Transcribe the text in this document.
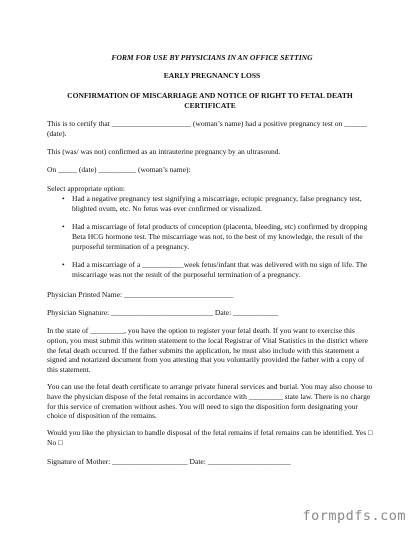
FORM FOR USE BY PHYSICIANS IN AN OFFICE SETTING

EARLY PREGNANCY LOSS

CONFIRMATION OF MISCARRIAGE AND NOTICE OF RIGHT TO FETAL DEATH CERTIFICATE

This is to certify that _____________________ (woman’s name) had a positive pregnancy test on ______ (date).

This (was/ was not) confirmed as an intrauterine pregnancy by an ultrasound.

On _____ (date) __________ (woman’s name):

Select appropriate option:

• Had a negative pregnancy test signifying a miscarriage, ectopic pregnancy, false pregnancy test, blighted ovum, etc. No fetus was ever confirmed or visualized.
• Had a miscarriage of fetal products of conception (placenta, bleeding, etc) confirmed by dropping Beta HCG hormone test. The miscarriage was not, to the best of my knowledge, the result of the purposeful termination of a pregnancy.
• Had a miscarriage of a ___________week fetus/infant that was delivered with no sign of life. The miscarriage was not the result of the purposeful termination of a pregnancy.

Physician Printed Name: _____________________________

Physician Signature: ___________________________ Date: ____________

In the state of _________, you have the option to register your fetal death. If you want to exercise this option, you must submit this written statement to the local Registrar of Vital Statistics in the district where the fetal death occurred. If the father submits the application, he must also include with this statement a signed and notarized document from you attesting that you voluntarily provided the father with a copy of this statement.

You can use the fetal death certificate to arrange private funeral services and burial. You may also choose to have the physician dispose of the fetal remains in accordance with _________ state law. There is no charge for this service of cremation without ashes. You will need to sign the disposition form designating your choice of disposition of the remains.

Would you like the physician to handle disposal of the fetal remains if fetal remains can be identified. Yes □ No □

Signature of Mother: ____________________ Date: ______________________

formpdfs.com
